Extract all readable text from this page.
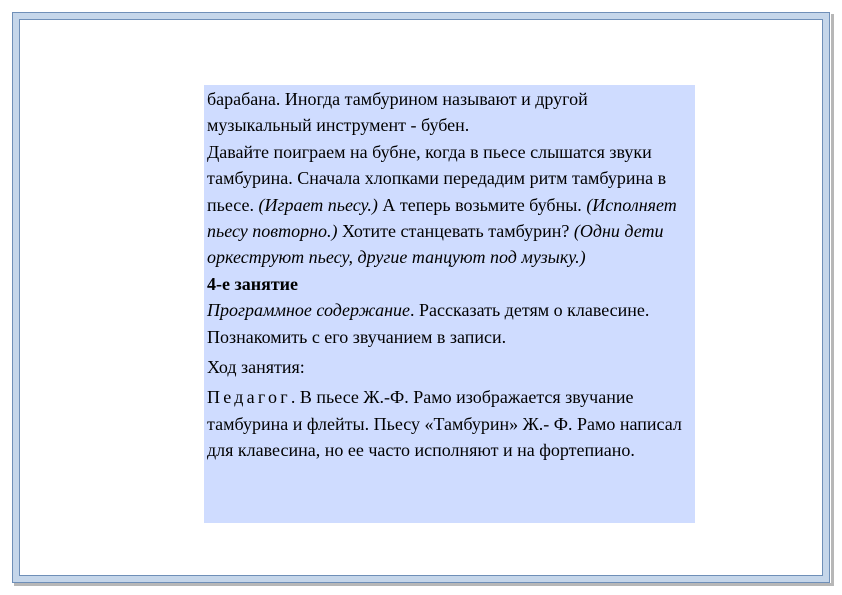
барабана. Иногда тамбурином называют и другой музыкальный инструмент - бубен.

Давайте поиграем на бубне, когда в пьесе слышатся звуки тамбурина. Сначала хлопками передадим ритм тамбурина в пьесе. (Играет пьесу.) А теперь возьмите бубны. (Исполняет пьесу повторно.) Хотите станцевать тамбурин? (Одни дети оркеструют пьесу, другие танцуют под музыку.)

4-е занятие

Программное содержание. Рассказать детям о клавесине. Познакомить с его звучанием в записи.

Ход занятия:

Педагог. В пьесе Ж.-Ф. Рамо изображается звучание тамбурина и флейты. Пьесу «Тамбурин» Ж.- Ф. Рамо написал для клавесина, но ее часто исполняют и на фортепиано.
